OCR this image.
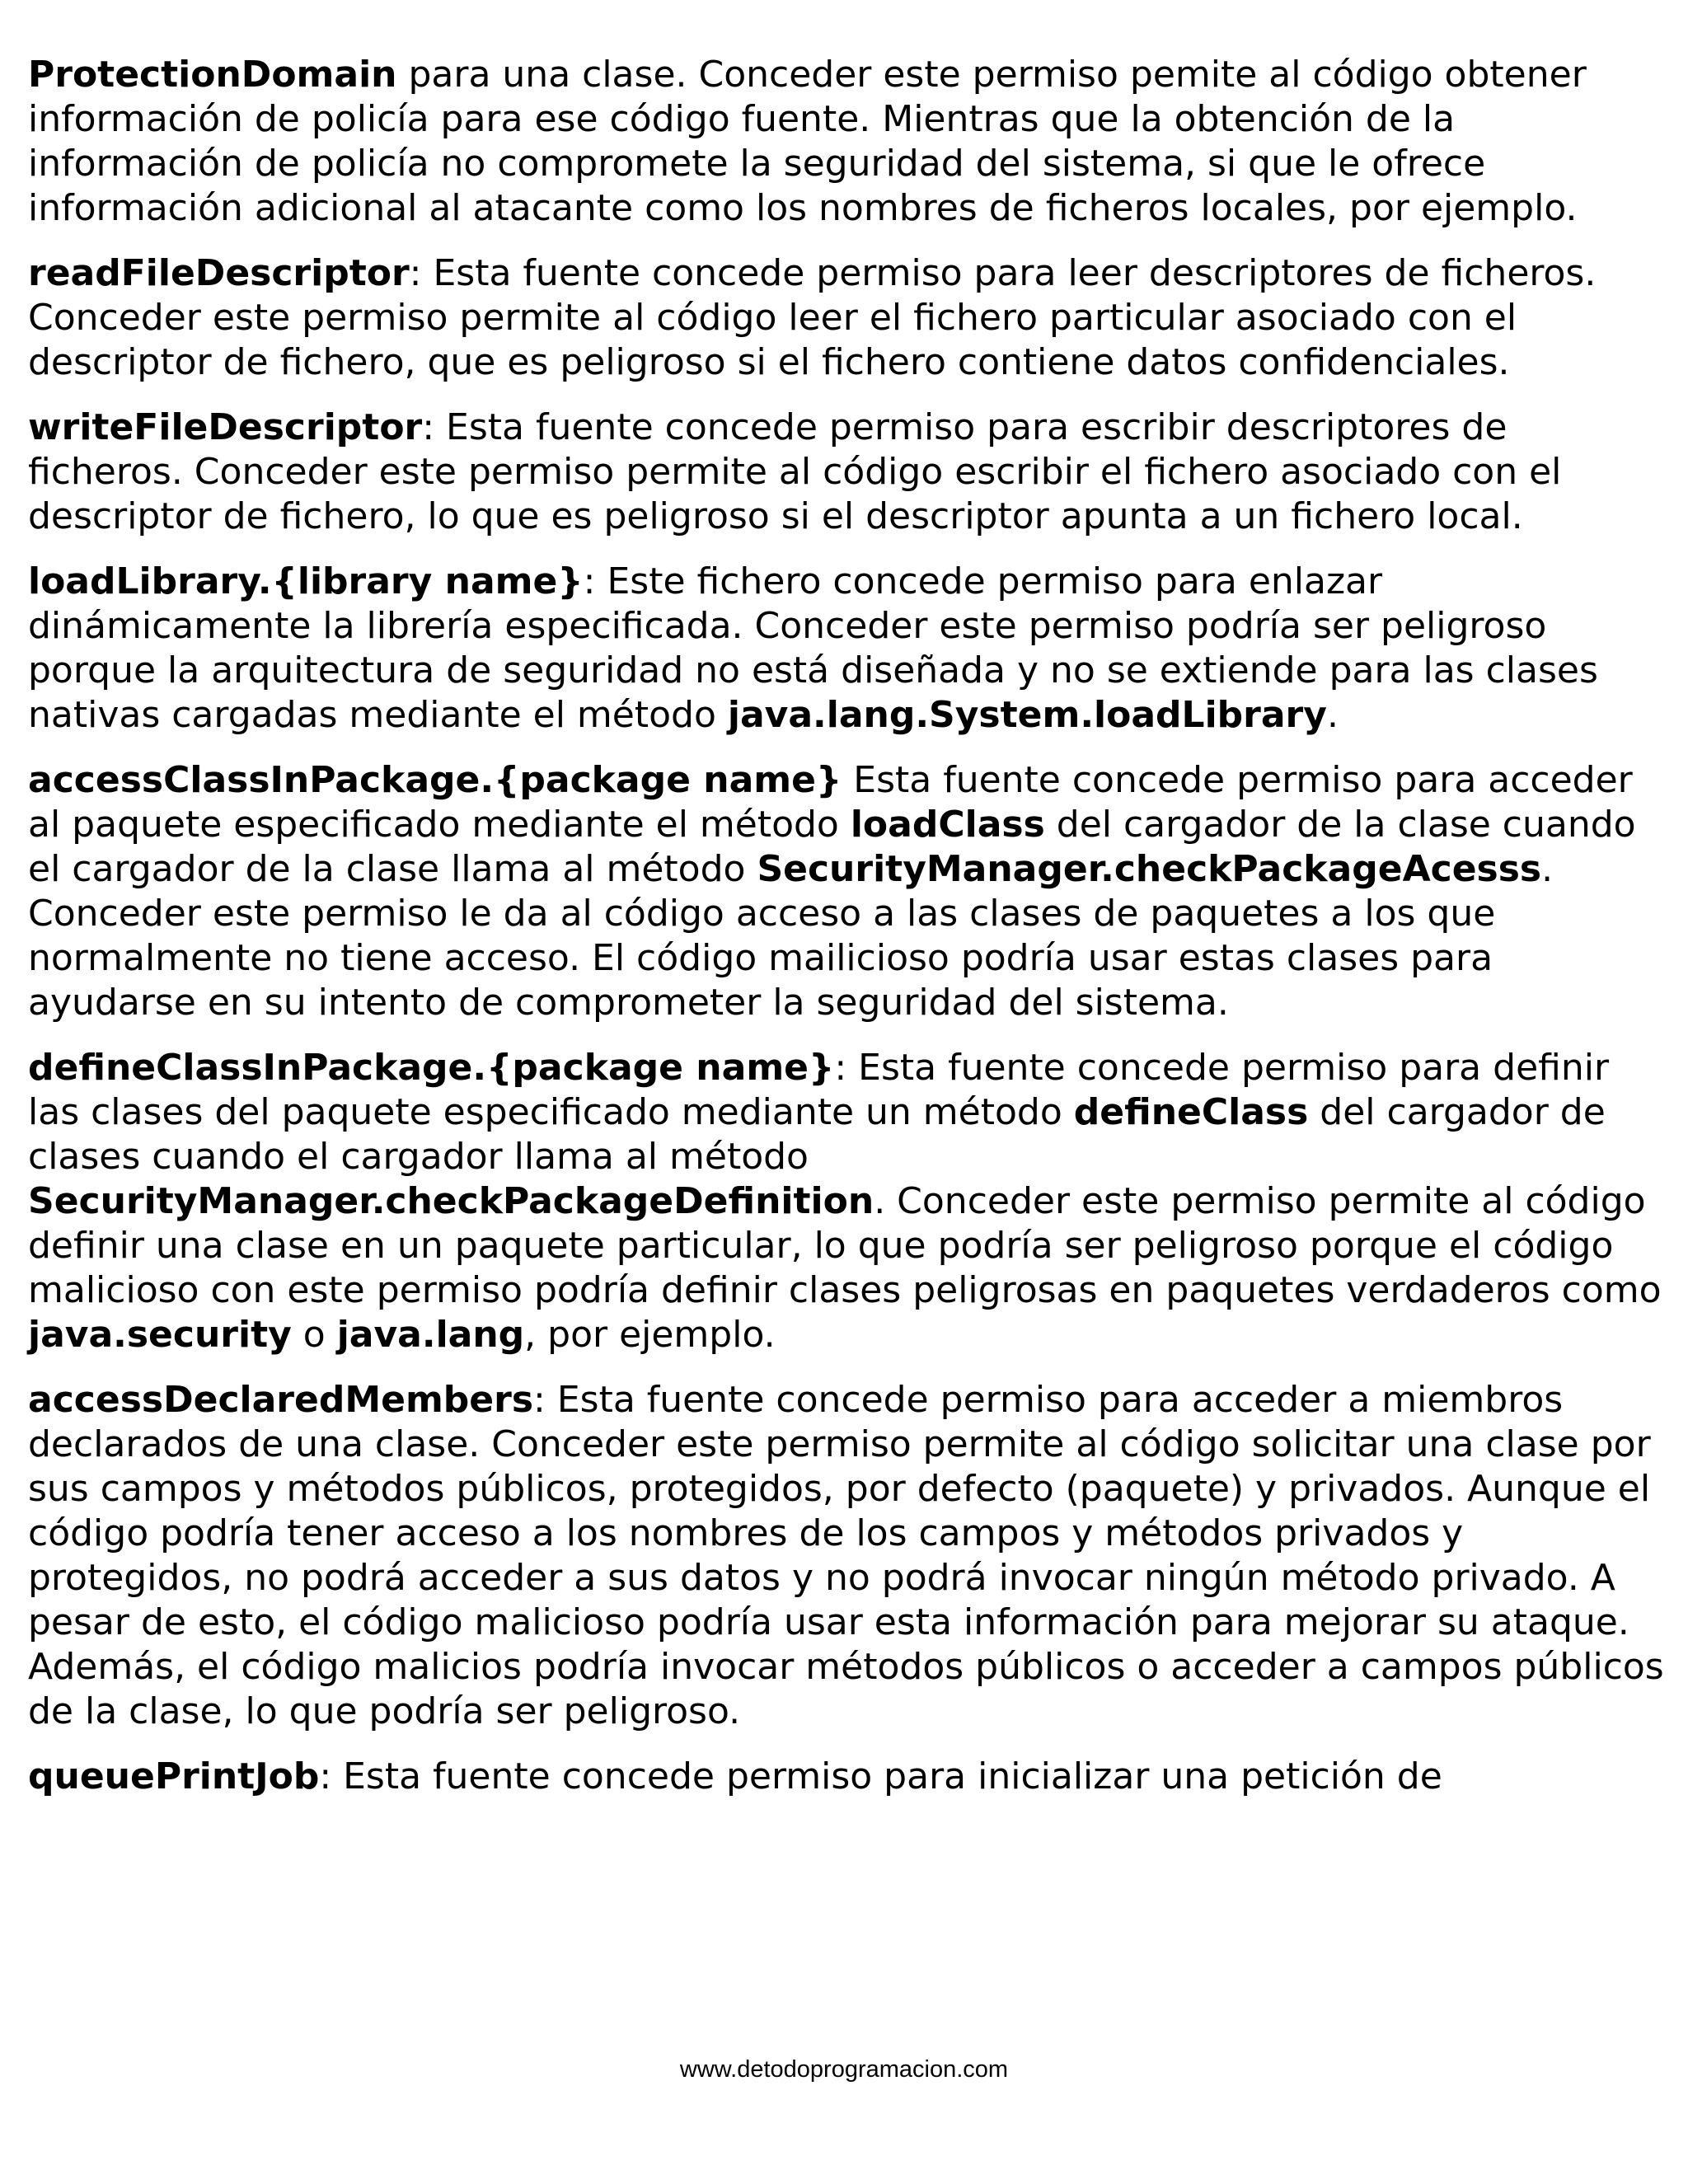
ProtectionDomain para una clase. Conceder este permiso pemite al código obtener información de policía para ese código fuente. Mientras que la obtención de la información de policía no compromete la seguridad del sistema, si que le ofrece información adicional al atacante como los nombres de ficheros locales, por ejemplo.

readFileDescriptor: Esta fuente concede permiso para leer descriptores de ficheros. Conceder este permiso permite al código leer el fichero particular asociado con el descriptor de fichero, que es peligroso si el fichero contiene datos confidenciales.

writeFileDescriptor: Esta fuente concede permiso para escribir descriptores de ficheros. Conceder este permiso permite al código escribir el fichero asociado con el descriptor de fichero, lo que es peligroso si el descriptor apunta a un fichero local.

loadLibrary.{library name}: Este fichero concede permiso para enlazar dinámicamente la librería especificada. Conceder este permiso podría ser peligroso porque la arquitectura de seguridad no está diseñada y no se extiende para las clases nativas cargadas mediante el método java.lang.System.loadLibrary.

accessClassInPackage.{package name} Esta fuente concede permiso para acceder al paquete especificado mediante el método loadClass del cargador de la clase cuando el cargador de la clase llama al método SecurityManager.checkPackageAcesss. Conceder este permiso le da al código acceso a las clases de paquetes a los que normalmente no tiene acceso. El código mailicioso podría usar estas clases para ayudarse en su intento de comprometer la seguridad del sistema.

defineClassInPackage.{package name}: Esta fuente concede permiso para definir las clases del paquete especificado mediante un método defineClass del cargador de clases cuando el cargador llama al método SecurityManager.checkPackageDefinition. Conceder este permiso permite al código definir una clase en un paquete particular, lo que podría ser peligroso porque el código malicioso con este permiso podría definir clases peligrosas en paquetes verdaderos como java.security o java.lang, por ejemplo.

accessDeclaredMembers: Esta fuente concede permiso para acceder a miembros declarados de una clase. Conceder este permiso permite al código solicitar una clase por sus campos y métodos públicos, protegidos, por defecto (paquete) y privados. Aunque el código podría tener acceso a los nombres de los campos y métodos privados y protegidos, no podrá acceder a sus datos y no podrá invocar ningún método privado. A pesar de esto, el código malicioso podría usar esta información para mejorar su ataque. Además, el código malicios podría invocar métodos públicos o acceder a campos públicos de la clase, lo que podría ser peligroso.

queuePrintJob: Esta fuente concede permiso para inicializar una petición de

www.detodoprogramacion.com
